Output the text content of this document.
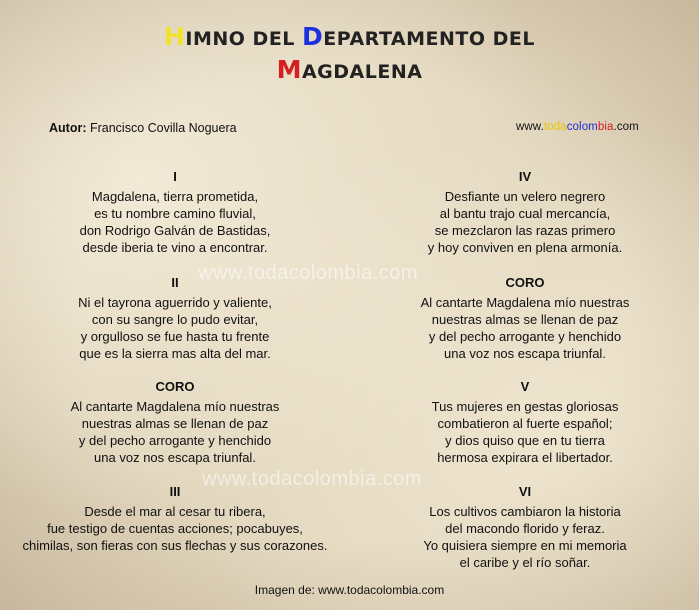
HIMNO DEL DEPARTAMENTO DEL
MAGDALENA
Autor: Francisco Covilla Noguera	www.todacolombia.com
www.todacolombia.com
www.todacolombia.com
I
Magdalena, tierra prometida,
es tu nombre camino fluvial,
don Rodrigo Galván de Bastidas,
desde iberia te vino a encontrar.
II
Ni el tayrona aguerrido y valiente,
con su sangre lo pudo evitar,
y orgulloso se fue hasta tu frente
que es la sierra mas alta del mar.
CORO
Al cantarte Magdalena mío nuestras
nuestras almas se llenan de paz
y del pecho arrogante y henchido
una voz nos escapa triunfal.
III
Desde el mar al cesar tu ribera,
fue testigo de cuentas acciones; pocabuyes,
chimilas, son fieras con sus flechas y sus corazones.
IV
Desfiante un velero negrero
al bantu trajo cual mercancía,
se mezclaron las razas primero
y hoy conviven en plena armonía.
CORO
Al cantarte Magdalena mío nuestras
nuestras almas se llenan de paz
y del pecho arrogante y henchido
una voz nos escapa triunfal.
V
Tus mujeres en gestas gloriosas
combatieron al fuerte español;
y dios quiso que en tu tierra
hermosa expirara el libertador.
VI
Los cultivos cambiaron la historia
del macondo florido y feraz.
Yo quisiera siempre en mi memoria
el caribe y el río soñar.
Imagen de: www.todacolombia.com
